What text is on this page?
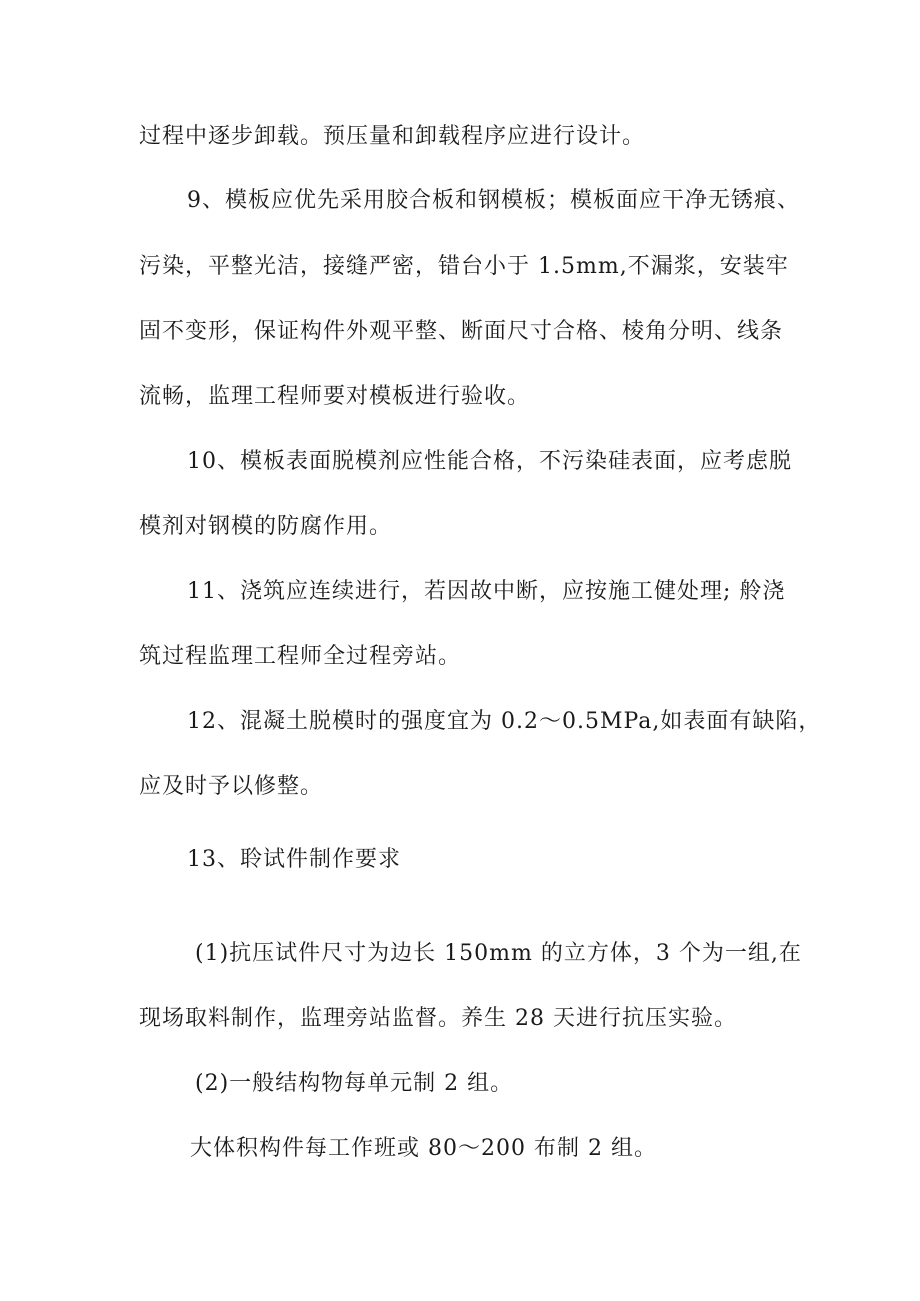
过程中逐步卸载。预压量和卸载程序应进行设计。
9、模板应优先采用胶合板和钢模板；模板面应干净无锈痕、
污染，平整光洁，接缝严密，错台小于 1.5mm,不漏浆，安装牢
固不变形，保证构件外观平整、断面尺寸合格、棱角分明、线条
流畅，监理工程师要对模板进行验收。
10、模板表面脱模剂应性能合格，不污染硅表面，应考虑脱
模剂对钢模的防腐作用。
11、浇筑应连续进行，若因故中断，应按施工健处理; 舲浇
筑过程监理工程师全过程旁站。
12、混凝土脱模时的强度宜为 0.2～0.5MPa,如表面有缺陷，
应及时予以修整。
13、聆试件制作要求
(1)抗压试件尺寸为边长 150mm 的立方体，3 个为一组,在
现场取料制作，监理旁站监督。养生 28 天进行抗压实验。
(2)一般结构物每单元制 2 组。
大体积构件每工作班或 80～200 布制 2 组。
